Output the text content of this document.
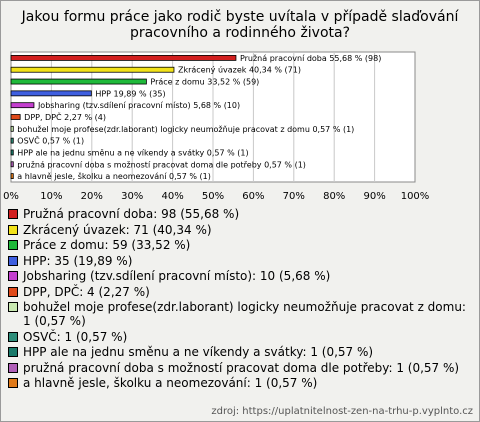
Jakou formu práce jako rodič byste uvítala v případě slaďování pracovního a rodinného života?
0% 10% 20% 30% 40% 50% 60% 70% 80% 90% 100%
Pružná pracovní doba 55,68 % (98)
Zkrácený úvazek 40,34 % (71)
Práce z domu 33,52 % (59)
HPP 19,89 % (35)
Jobsharing (tzv.sdílení pracovní místo) 5,68 % (10)
DPP, DPČ 2,27 % (4)
bohužel moje profese(zdr.laborant) logicky neumožňuje pracovat z domu 0,57 % (1)
OSVČ 0,57 % (1)
HPP ale na jednu směnu a ne víkendy a svátky 0,57 % (1)
pružná pracovní doba s možností pracovat doma dle potřeby 0,57 % (1)
a hlavně jesle, školku a neomezování 0,57 % (1)
Pružná pracovní doba: 98 (55,68 %)
Zkrácený úvazek: 71 (40,34 %)
Práce z domu: 59 (33,52 %)
HPP: 35 (19,89 %)
Jobsharing (tzv.sdílení pracovní místo): 10 (5,68 %)
DPP, DPČ: 4 (2,27 %)
bohužel moje profese(zdr.laborant) logicky neumožňuje pracovat z domu: 1 (0,57 %)
OSVČ: 1 (0,57 %)
HPP ale na jednu směnu a ne víkendy a svátky: 1 (0,57 %)
pružná pracovní doba s možností pracovat doma dle potřeby: 1 (0,57 %)
a hlavně jesle, školku a neomezování: 1 (0,57 %)
zdroj: https://uplatnitelnost-zen-na-trhu-p.vyplnto.cz
